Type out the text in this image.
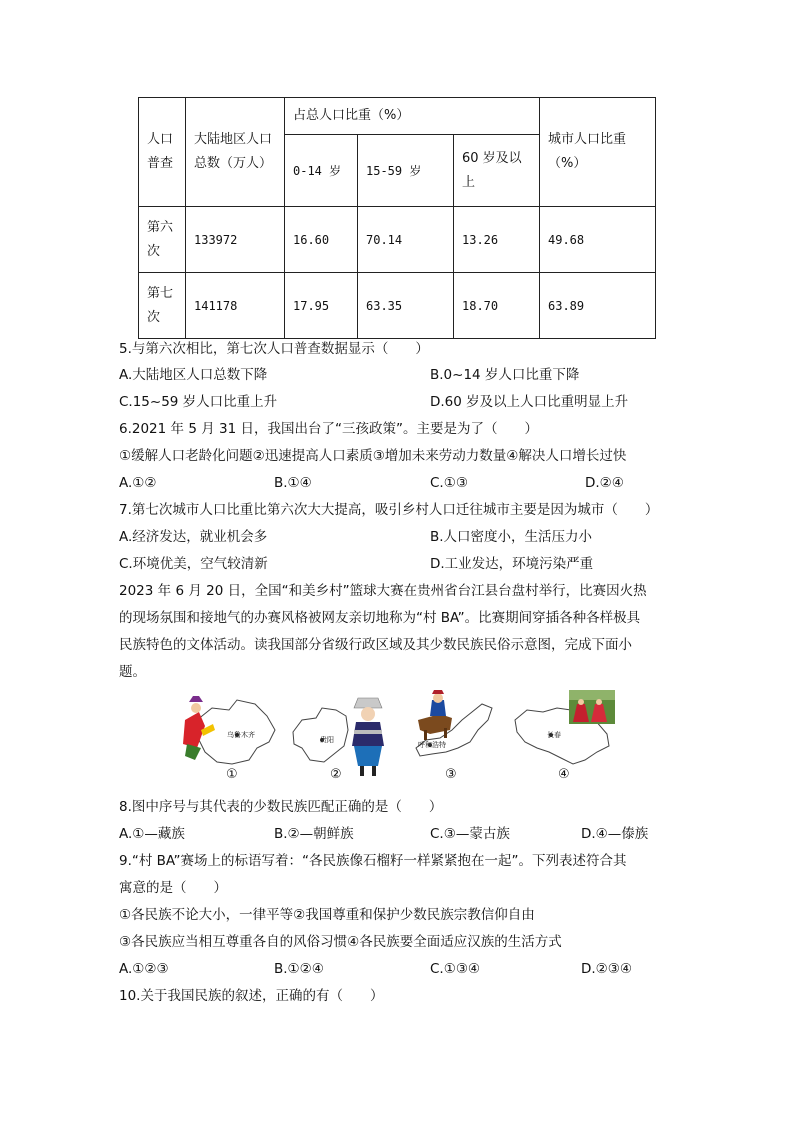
人口普查	大陆地区人口总数（万人）	占总人口比重（%）			城市人口比重（%）
		0-14 岁	15-59 岁	60 岁及以上	
第六次	133972	16.60	70.14	13.26	49.68
第七次	141178	17.95	63.35	18.70	63.89
5.与第六次相比，第七次人口普查数据显示（　　）
A.大陆地区人口总数下降	B.0~14 岁人口比重下降
C.15~59 岁人口比重上升	D.60 岁及以上人口比重明显上升
6.2021 年 5 月 31 日，我国出台了“三孩政策”。主要是为了（　　）
①缓解人口老龄化问题②迅速提高人口素质③增加未来劳动力数量④解决人口增长过快
A.①②	B.①④	C.①③	D.②④
7.第七次城市人口比重比第六次大大提高，吸引乡村人口迁往城市主要是因为城市（　　）
A.经济发达，就业机会多	B.人口密度小，生活压力小
C.环境优美，空气较清新	D.工业发达，环境污染严重
2023 年 6 月 20 日，全国“和美乡村”篮球大赛在贵州省台江县台盘村举行，比赛因火热
的现场氛围和接地气的办赛风格被网友亲切地称为“村 BA”。比赛期间穿插各种各样极具
民族特色的文体活动。读我国部分省级行政区域及其少数民族民俗示意图，完成下面小
题。
乌鲁木齐
①
贵阳
②
呼和浩特
③
长春
④
8.图中序号与其代表的少数民族匹配正确的是（　　）
A.①—藏族	B.②—朝鲜族	C.③—蒙古族	D.④—傣族
9.“村 BA”赛场上的标语写着：“各民族像石榴籽一样紧紧抱在一起”。下列表述符合其
寓意的是（　　）
①各民族不论大小，一律平等②我国尊重和保护少数民族宗教信仰自由
③各民族应当相互尊重各自的风俗习惯④各民族要全面适应汉族的生活方式
A.①②③	B.①②④	C.①③④	D.②③④
10.关于我国民族的叙述，正确的有（　　）
